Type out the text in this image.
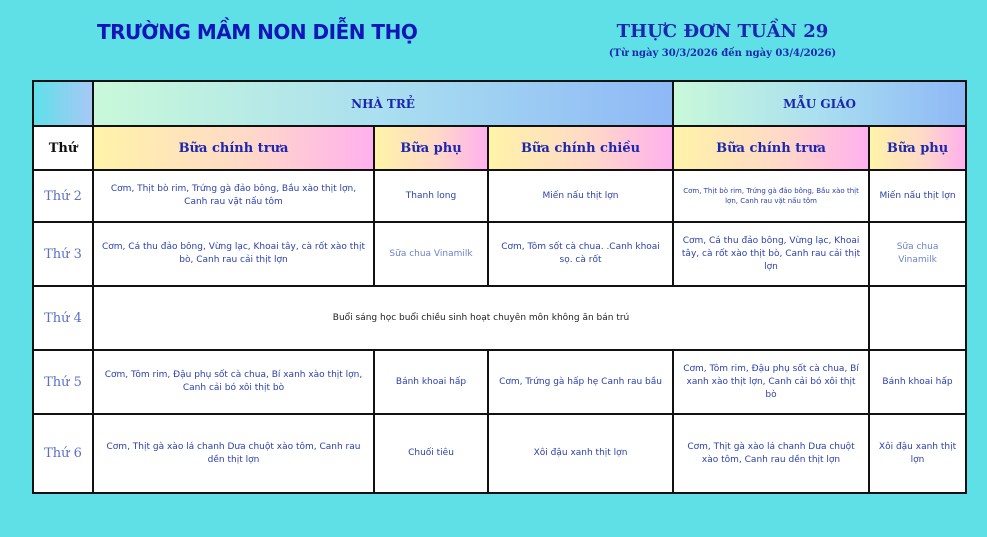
TRƯỜNG MẦM NON DIỄN THỌ	THỰC ĐƠN TUẦN 29
(Từ ngày 30/3/2026 đến ngày 03/4/2026)
	NHÀ TRẺ			MẪU GIÁO	
Thứ	Bữa chính trưa	Bữa phụ	Bữa chính chiều	Bữa chính trưa	Bữa phụ
Thứ 2	Cơm, Thịt bò rim, Trứng gà đảo bông, Bầu xào thịt lợn, Canh rau vặt nấu tôm	Thanh long	Miến nấu thịt lợn	Cơm, Thịt bò rim, Trứng gà đảo bông, Bầu xào thịt lợn, Canh rau vặt nấu tôm	Miến nấu thịt lợn
Thứ 3	Cơm, Cá thu đảo bông, Vừng lạc, Khoai tây, cà rốt xào thịt bò, Canh rau cải thịt lợn	Sữa chua Vinamilk	Cơm, Tôm sốt cà chua. .Canh khoai sọ. cà rốt	Cơm, Cá thu đảo bông, Vừng lạc, Khoai tây, cà rốt xào thịt bò, Canh rau cải thịt lợn	Sữa chua Vinamilk
Thứ 4	Buổi sáng học buổi chiều sinh hoạt chuyên môn không ăn bán trú				
Thứ 5	Cơm, Tôm rim, Đậu phụ sốt cà chua, Bí xanh xào thịt lợn, Canh cải bó xôi thịt bò	Bánh khoai hấp	Cơm, Trứng gà hấp hẹ Canh rau bầu	Cơm, Tôm rim, Đậu phụ sốt cà chua, Bí xanh xào thịt lợn, Canh cải bó xôi thịt bò	Bánh khoai hấp
Thứ 6	Cơm, Thịt gà xào lá chanh Dưa chuột xào tôm, Canh rau dền thịt lợn	Chuối tiêu	Xôi đậu xanh thịt lợn	Cơm, Thịt gà xào lá chanh Dưa chuột xào tôm, Canh rau dền thịt lợn	Xôi đậu xanh thịt lợn
